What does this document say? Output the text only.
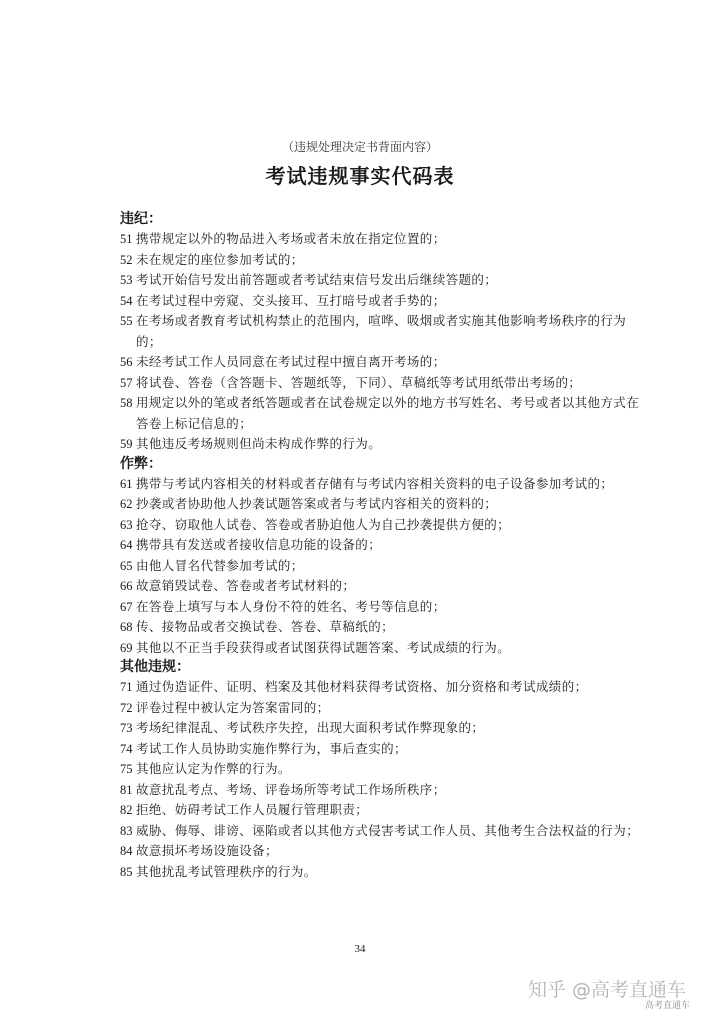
（违规处理决定书背面内容）
考试违规事实代码表
违纪：
51 携带规定以外的物品进入考场或者未放在指定位置的；
52 未在规定的座位参加考试的；
53 考试开始信号发出前答题或者考试结束信号发出后继续答题的；
54 在考试过程中旁窥、交头接耳、互打暗号或者手势的；
55 在考场或者教育考试机构禁止的范围内，喧哗、吸烟或者实施其他影响考场秩序的行为的；
56 未经考试工作人员同意在考试过程中擅自离开考场的；
57 将试卷、答卷（含答题卡、答题纸等，下同）、草稿纸等考试用纸带出考场的；
58 用规定以外的笔或者纸答题或者在试卷规定以外的地方书写姓名、考号或者以其他方式在答卷上标记信息的；
59 其他违反考场规则但尚未构成作弊的行为。
作弊：
61 携带与考试内容相关的材料或者存储有与考试内容相关资料的电子设备参加考试的；
62 抄袭或者协助他人抄袭试题答案或者与考试内容相关的资料的；
63 抢夺、窃取他人试卷、答卷或者胁迫他人为自己抄袭提供方便的；
64 携带具有发送或者接收信息功能的设备的；
65 由他人冒名代替参加考试的；
66 故意销毁试卷、答卷或者考试材料的；
67 在答卷上填写与本人身份不符的姓名、考号等信息的；
68 传、接物品或者交换试卷、答卷、草稿纸的；
69 其他以不正当手段获得或者试图获得试题答案、考试成绩的行为。
其他违规：
71 通过伪造证件、证明、档案及其他材料获得考试资格、加分资格和考试成绩的；
72 评卷过程中被认定为答案雷同的；
73 考场纪律混乱、考试秩序失控，出现大面积考试作弊现象的；
74 考试工作人员协助实施作弊行为，事后查实的；
75 其他应认定为作弊的行为。
81 故意扰乱考点、考场、评卷场所等考试工作场所秩序；
82 拒绝、妨碍考试工作人员履行管理职责；
83 威胁、侮辱、诽谤、诬陷或者以其他方式侵害考试工作人员、其他考生合法权益的行为；
84 故意损坏考场设施设备；
85 其他扰乱考试管理秩序的行为。
34
知乎 @高考直通车
高考直通车
